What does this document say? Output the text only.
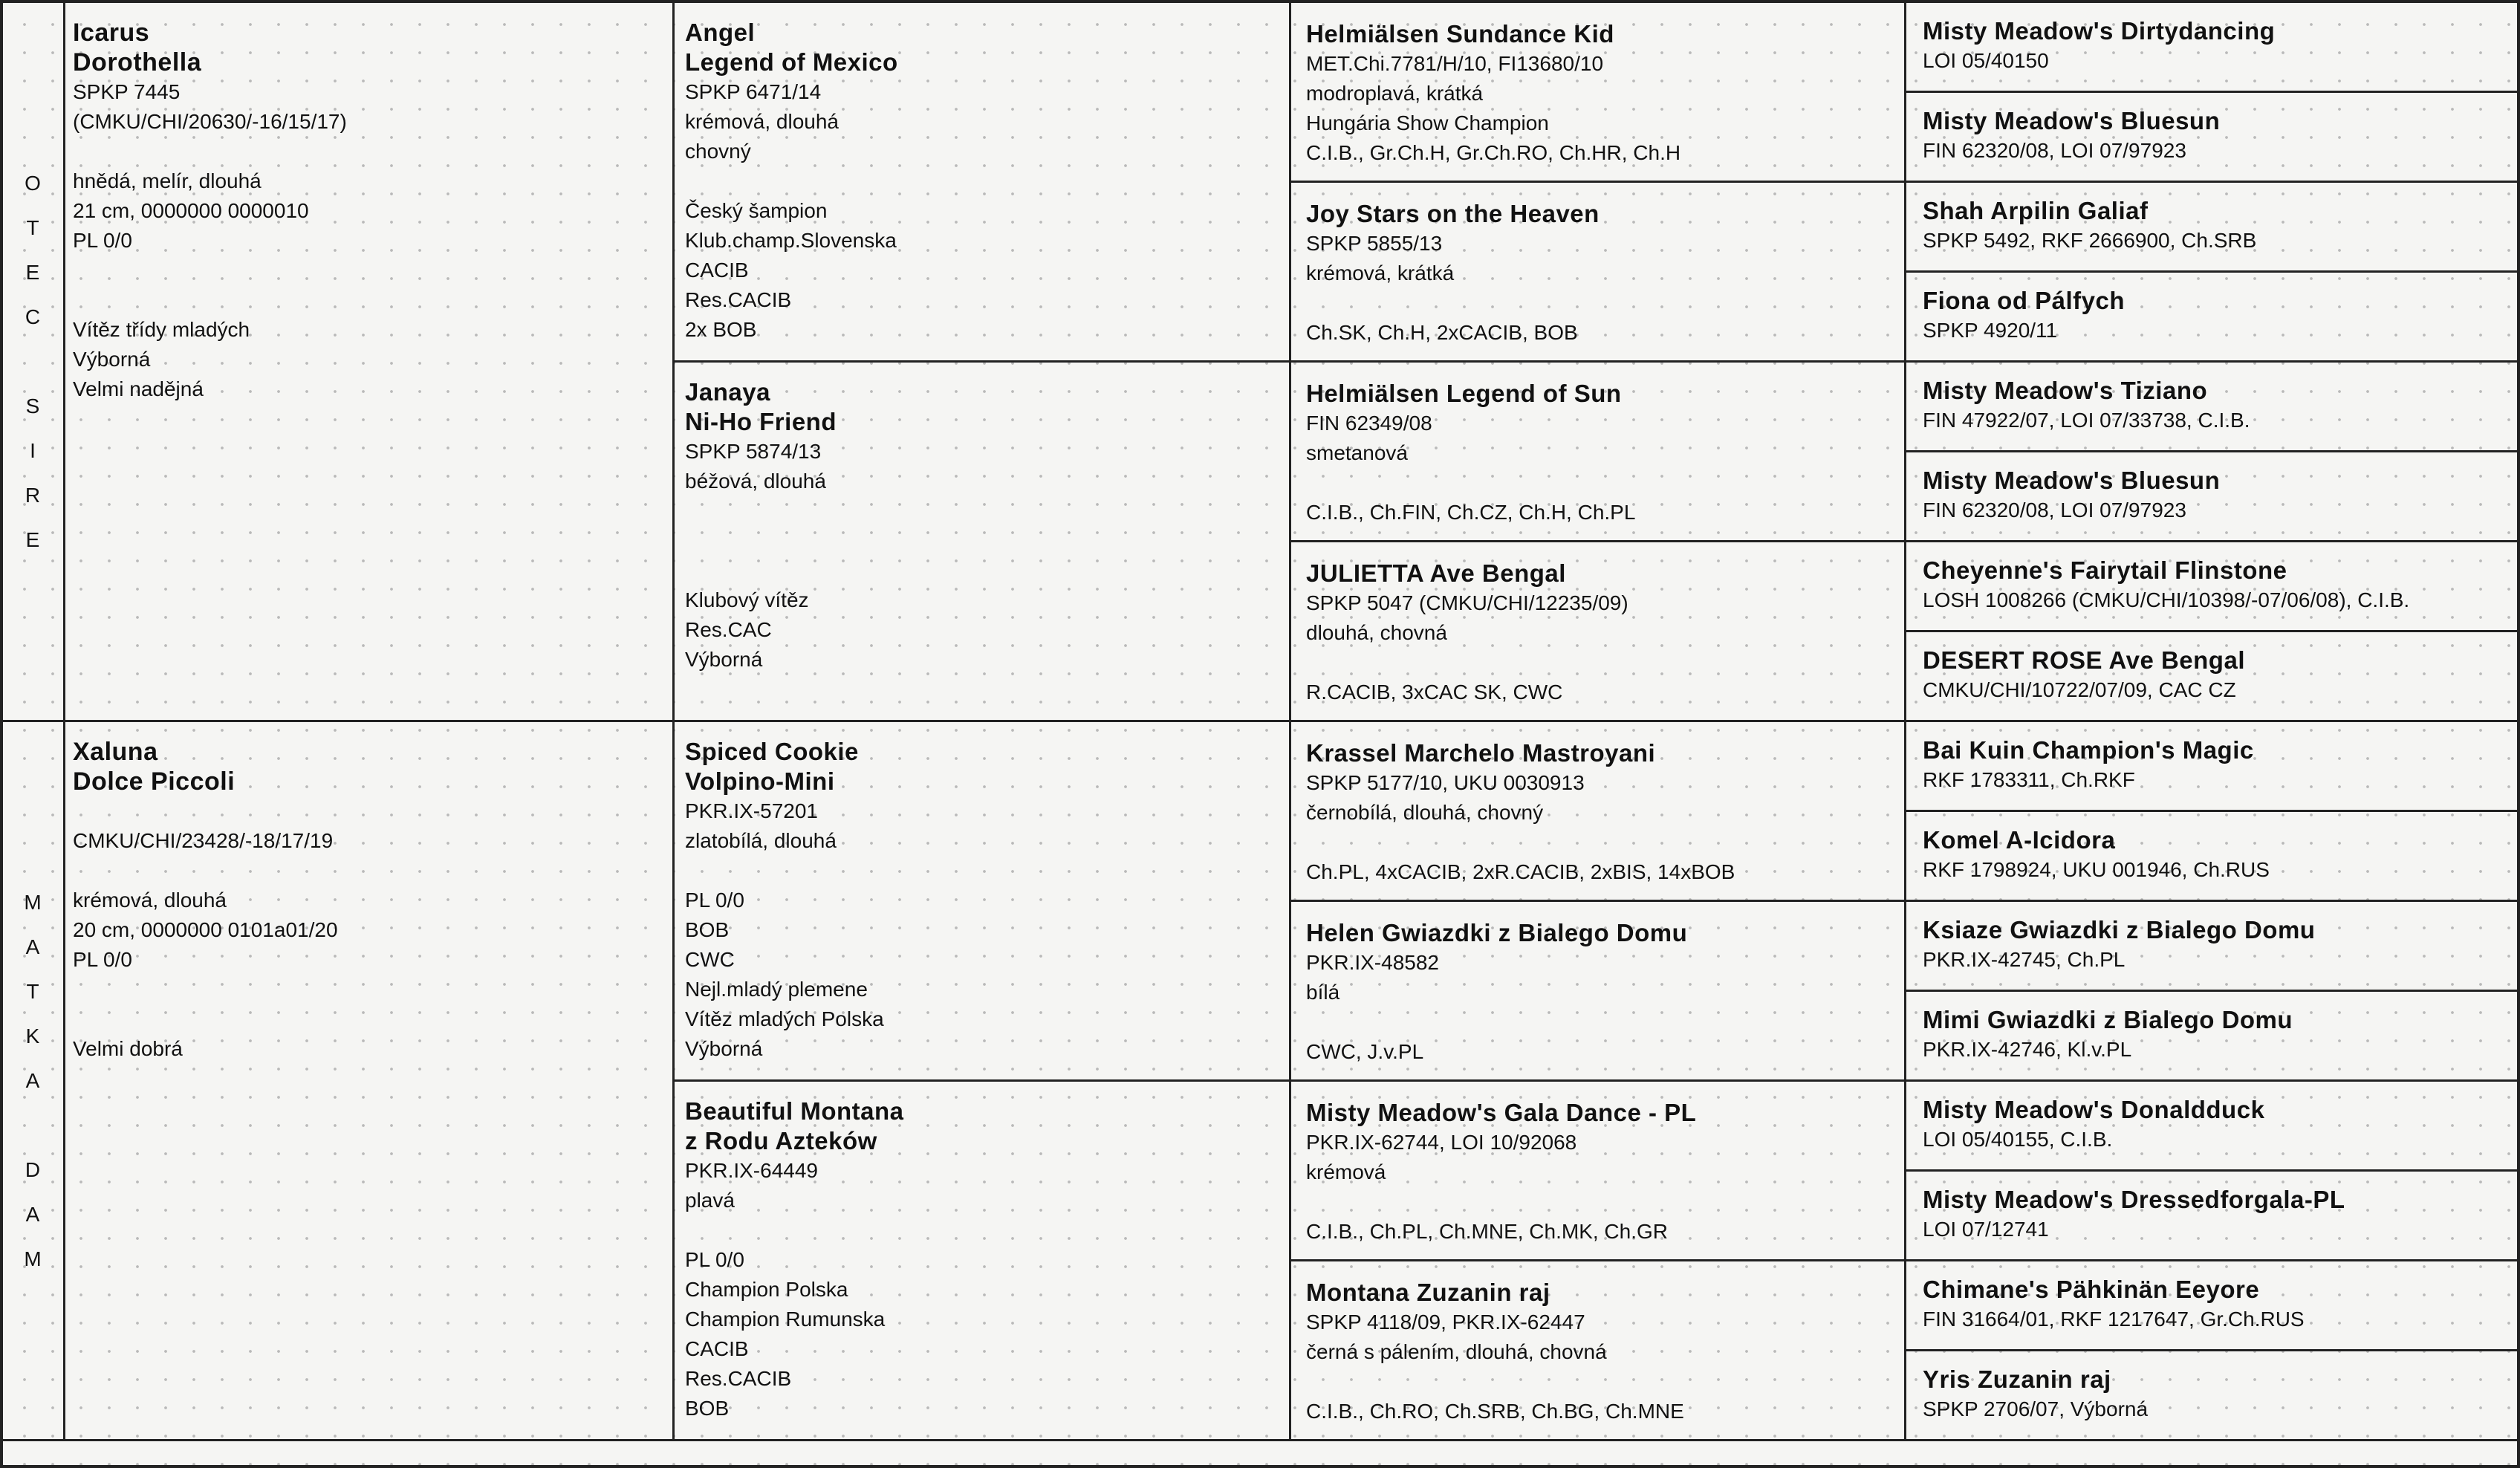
O
T
E
C
S
I
R
E
M
A
T
K
A
D
A
M
Icarus
Dorothella
SPKP 7445
(CMKU/CHI/20630/-16/15/17)
hnědá, melír, dlouhá
21 cm, 0000000 0000010
PL 0/0
Vítěz třídy mladých
Výborná
Velmi nadějná
Xaluna
Dolce Piccoli
CMKU/CHI/23428/-18/17/19
krémová, dlouhá
20 cm, 0000000 0101a01/20
PL 0/0
Velmi dobrá
Angel
Legend of Mexico
SPKP 6471/14
krémová, dlouhá
chovný
Český šampion
Klub.champ.Slovenska
CACIB
Res.CACIB
2x BOB
Janaya
Ni-Ho Friend
SPKP 5874/13
béžová, dlouhá
Klubový vítěz
Res.CAC
Výborná
Spiced Cookie
Volpino-Mini
PKR.IX-57201
zlatobílá, dlouhá
PL 0/0
BOB
CWC
Nejl.mladý plemene
Vítěz mladých Polska
Výborná
Beautiful Montana
z Rodu Azteków
PKR.IX-64449
plavá
PL 0/0
Champion Polska
Champion Rumunska
CACIB
Res.CACIB
BOB
Helmiälsen Sundance Kid
MET.Chi.7781/H/10, FI13680/10
modroplavá, krátká
Hungária Show Champion
C.I.B., Gr.Ch.H, Gr.Ch.RO, Ch.HR, Ch.H
Joy Stars on the Heaven
SPKP 5855/13
krémová, krátká
Ch.SK, Ch.H, 2xCACIB, BOB
Helmiälsen Legend of Sun
FIN 62349/08
smetanová
C.I.B., Ch.FIN, Ch.CZ, Ch.H, Ch.PL
JULIETTA Ave Bengal
SPKP 5047 (CMKU/CHI/12235/09)
dlouhá, chovná
R.CACIB, 3xCAC SK, CWC
Krassel Marchelo Mastroyani
SPKP 5177/10, UKU 0030913
černobílá, dlouhá, chovný
Ch.PL, 4xCACIB, 2xR.CACIB, 2xBIS, 14xBOB
Helen Gwiazdki z Bialego Domu
PKR.IX-48582
bílá
CWC, J.v.PL
Misty Meadow's Gala Dance - PL
PKR.IX-62744, LOI 10/92068
krémová
C.I.B., Ch.PL, Ch.MNE, Ch.MK, Ch.GR
Montana Zuzanin raj
SPKP 4118/09, PKR.IX-62447
černá s pálením, dlouhá, chovná
C.I.B., Ch.RO, Ch.SRB, Ch.BG, Ch.MNE
Misty Meadow's Dirtydancing
LOI 05/40150
Misty Meadow's Bluesun
FIN 62320/08, LOI 07/97923
Shah Arpilin Galiaf
SPKP 5492, RKF 2666900, Ch.SRB
Fiona od Pálfych
SPKP 4920/11
Misty Meadow's Tiziano
FIN 47922/07, LOI 07/33738, C.I.B.
Misty Meadow's Bluesun
FIN 62320/08, LOI 07/97923
Cheyenne's Fairytail Flinstone
LOSH 1008266 (CMKU/CHI/10398/-07/06/08), C.I.B.
DESERT ROSE Ave Bengal
CMKU/CHI/10722/07/09, CAC CZ
Bai Kuin Champion's Magic
RKF 1783311, Ch.RKF
Komel A-Icidora
RKF 1798924, UKU 001946, Ch.RUS
Ksiaze Gwiazdki z Bialego Domu
PKR.IX-42745, Ch.PL
Mimi Gwiazdki z Bialego Domu
PKR.IX-42746, Kl.v.PL
Misty Meadow's Donaldduck
LOI 05/40155, C.I.B.
Misty Meadow's Dressedforgala-PL
LOI 07/12741
Chimane's Pähkinän Eeyore
FIN 31664/01, RKF 1217647, Gr.Ch.RUS
Yris Zuzanin raj
SPKP 2706/07, Výborná
